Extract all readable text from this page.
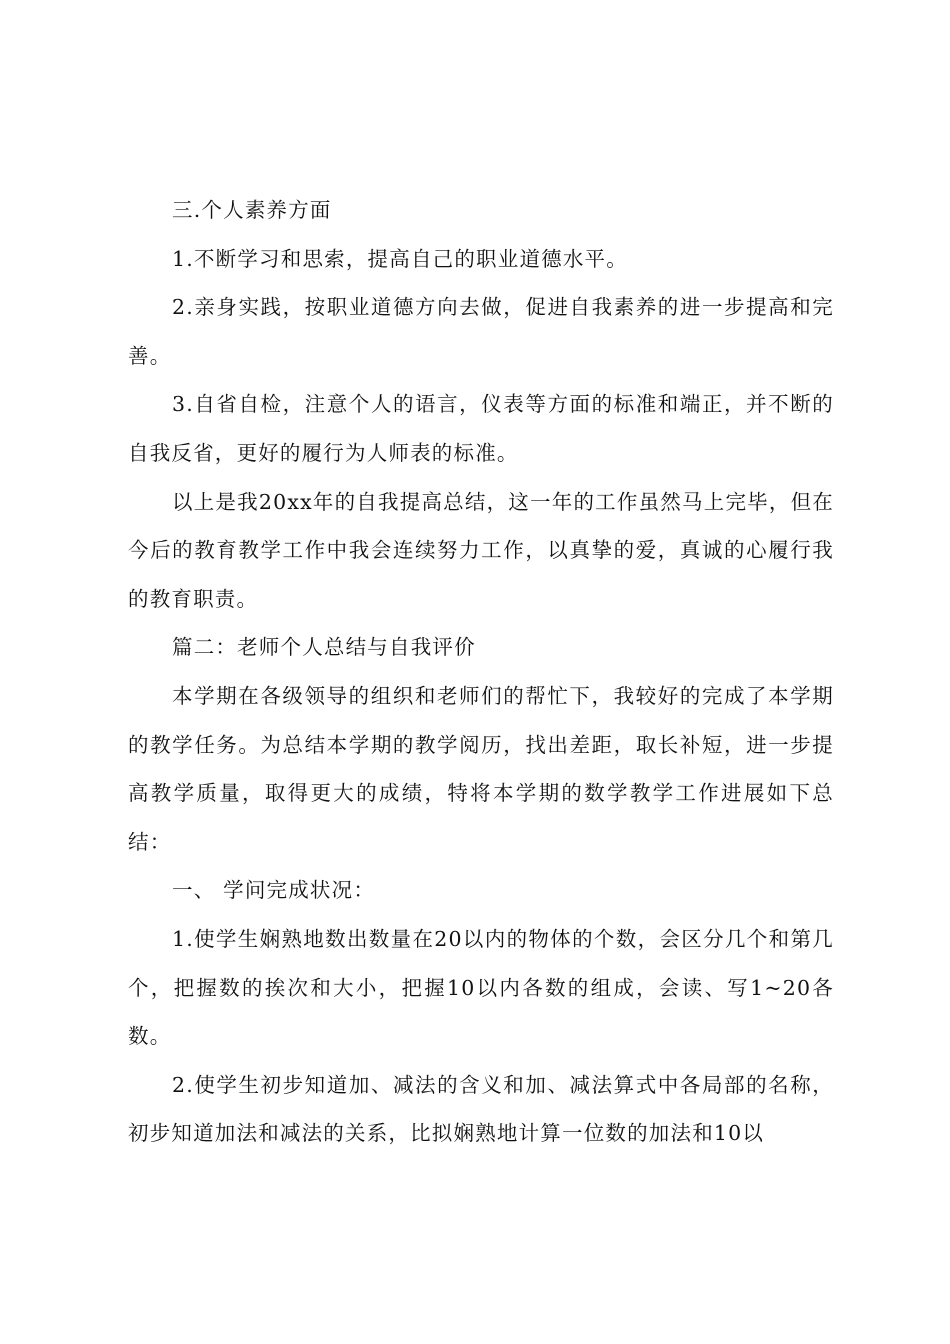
三.个人素养方面

1.不断学习和思索，提高自己的职业道德水平。

2.亲身实践，按职业道德方向去做，促进自我素养的进一步提高和完善。

3.自省自检，注意个人的语言，仪表等方面的标准和端正，并不断的自我反省，更好的履行为人师表的标准。

以上是我20xx年的自我提高总结，这一年的工作虽然马上完毕，但在今后的教育教学工作中我会连续努力工作，以真挚的爱，真诚的心履行我的教育职责。

篇二：老师个人总结与自我评价

本学期在各级领导的组织和老师们的帮忙下，我较好的完成了本学期的教学任务。为总结本学期的教学阅历，找出差距，取长补短，进一步提高教学质量，取得更大的成绩，特将本学期的数学教学工作进展如下总结：

一、 学问完成状况：

1.使学生娴熟地数出数量在20以内的物体的个数，会区分几个和第几个，把握数的挨次和大小，把握10以内各数的组成，会读、写1~20各数。

2.使学生初步知道加、减法的含义和加、减法算式中各局部的名称，初步知道加法和减法的关系，比拟娴熟地计算一位数的加法和10以
